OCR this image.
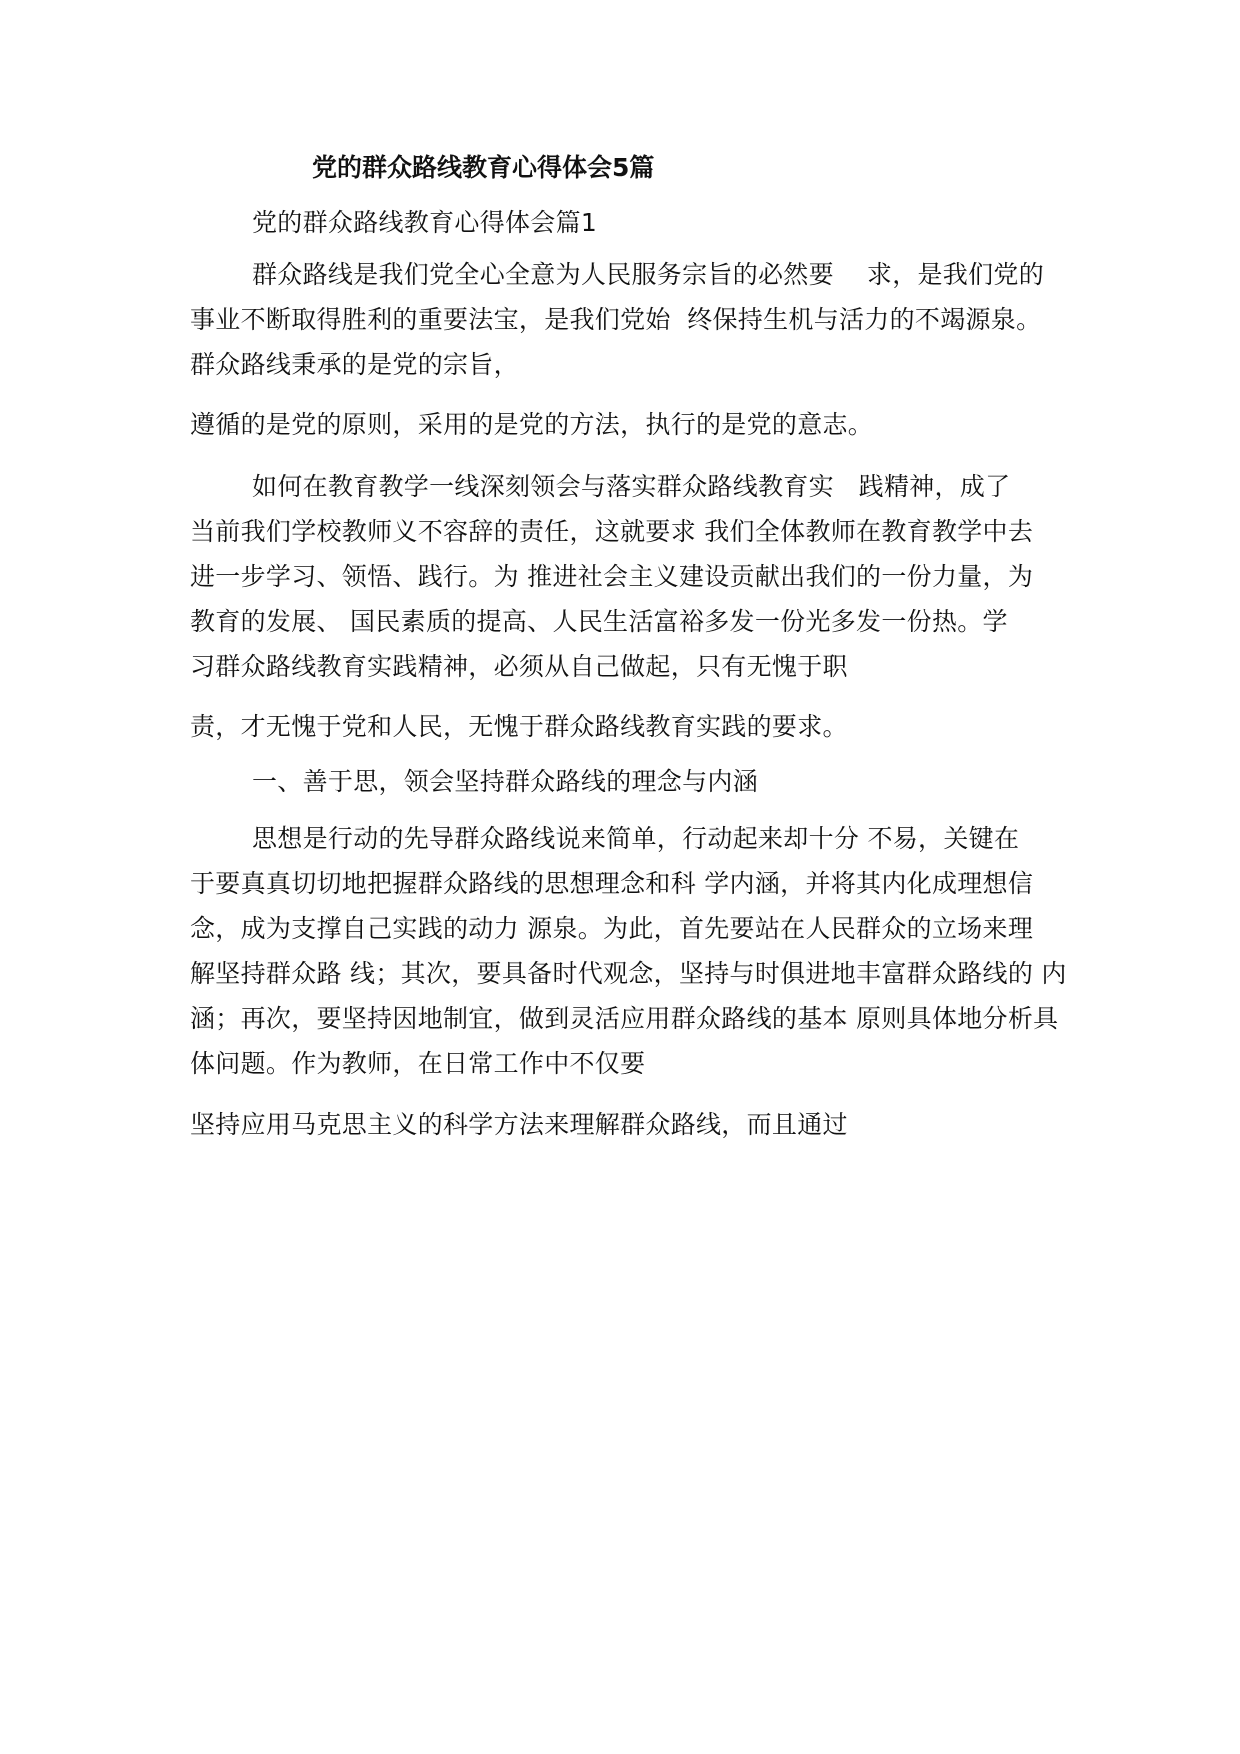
党的群众路线教育心得体会5篇
党的群众路线教育心得体会篇1
群众路线是我们党全心全意为人民服务宗旨的必然要    求，是我们党的
事业不断取得胜利的重要法宝，是我们党始  终保持生机与活力的不竭源泉。
群众路线秉承的是党的宗旨，
遵循的是党的原则，采用的是党的方法，执行的是党的意志。
如何在教育教学一线深刻领会与落实群众路线教育实   践精神，成了
当前我们学校教师义不容辞的责任，这就要求 我们全体教师在教育教学中去
进一步学习、领悟、践行。为 推进社会主义建设贡献出我们的一份力量，为
教育的发展、 国民素质的提高、人民生活富裕多发一份光多发一份热。学
习群众路线教育实践精神，必须从自己做起，只有无愧于职
责，才无愧于党和人民，无愧于群众路线教育实践的要求。
一、善于思，领会坚持群众路线的理念与内涵
思想是行动的先导群众路线说来简单，行动起来却十分 不易，关键在
于要真真切切地把握群众路线的思想理念和科 学内涵，并将其内化成理想信
念，成为支撑自己实践的动力 源泉。为此，首先要站在人民群众的立场来理
解坚持群众路 线；其次，要具备时代观念，坚持与时俱进地丰富群众路线的 内
涵；再次，要坚持因地制宜，做到灵活应用群众路线的基本 原则具体地分析具
体问题。作为教师，在日常工作中不仅要
坚持应用马克思主义的科学方法来理解群众路线，而且通过
